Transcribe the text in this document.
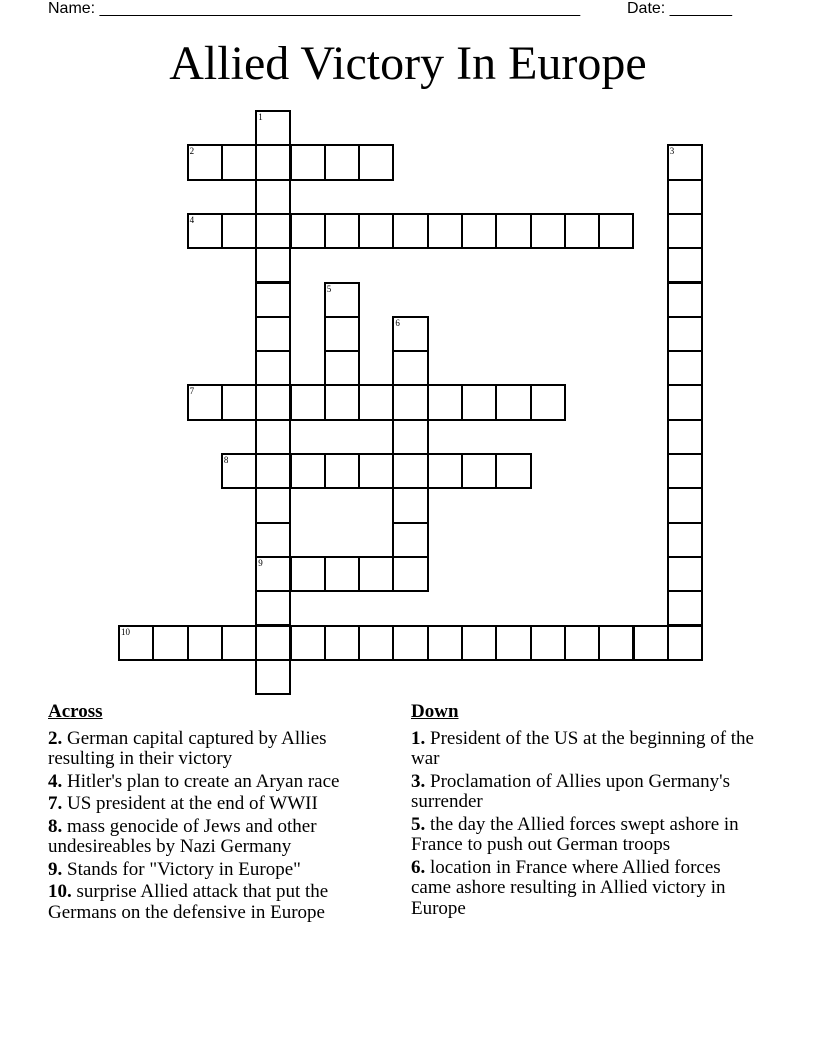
Name: ______________________________________________________	Date: _______
Allied Victory In Europe
2
4
7
8
9
10
1
3
5
6
Across
2. German capital captured by Allies resulting in their victory
4. Hitler's plan to create an Aryan race
7. US president at the end of WWII
8. mass genocide of Jews and other undesireables by Nazi Germany
9. Stands for "Victory in Europe"
10. surprise Allied attack that put the Germans on the defensive in Europe
Down
1. President of the US at the beginning of the war
3. Proclamation of Allies upon Germany's surrender
5. the day the Allied forces swept ashore in France to push out German troops
6. location in France where Allied forces came ashore resulting in Allied victory in Europe
